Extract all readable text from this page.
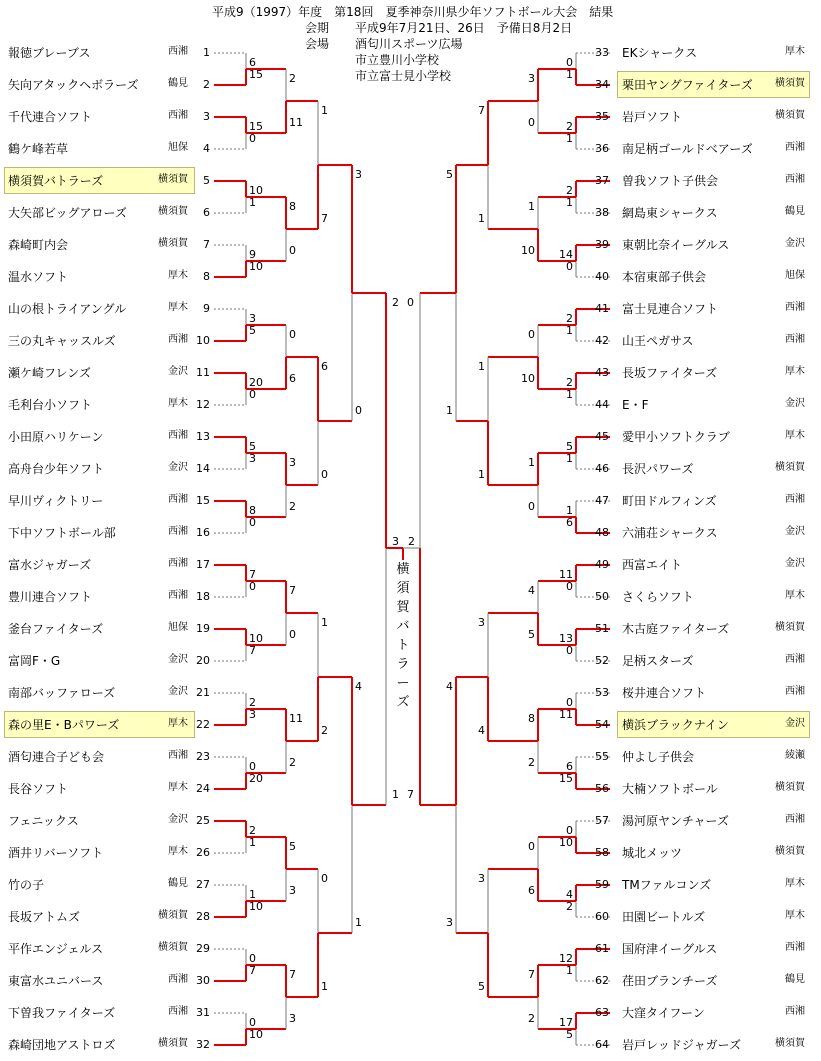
平成9（1997）年度　第18回　夏季神奈川県少年ソフトボール大会　結果
会期 平成9年7月21日、26日　予備日8月2日
会場 酒匂川スポーツ広場
市立豊川小学校
市立富士見小学校
報徳ブレーブス	西湘 1	33 EKシャークス	厚木
矢向アタックヘボラーズ	鶴見 2	34 栗田ヤングファイターズ 横須賀
千代連合ソフト	西湘 3	35 岩戸ソフト	横須賀
鶴ケ峰若草	旭保 4	36 南足柄ゴールドベアーズ	西湘
横須賀バトラーズ	横須賀 5	37 曽我ソフト子供会	西湘
大矢部ビッグアローズ	横須賀 6	38 網島東シャークス	鶴見
森崎町内会	横須賀 7	39 東朝比奈イーグルス	金沢
温水ソフト	厚木 8	40 本宿東部子供会	旭保
山の根トライアングル	厚木 9	41 富士見連合ソフト	西湘
三の丸キャッスルズ	西湘 10	42 山王ペガサス	西湘
瀬ケ崎フレンズ	金沢 11	43 長坂ファイターズ	厚木
毛利台小ソフト	厚木 12	44 E・F	金沢
小田原ハリケーン	西湘 13	45 愛甲小ソフトクラブ	厚木
高舟台少年ソフト	金沢 14	46 長沢パワーズ	横須賀
早川ヴィクトリー	西湘 15	47 町田ドルフィンズ	西湘
下中ソフトボール部	西湘 16	48 六浦荘シャークス	金沢
富水ジャガーズ	西湘 17	49 西富エイト	金沢
豊川連合ソフト	西湘 18	50 さくらソフト	厚木
釜台ファイターズ	旭保 19	51 木古庭ファイターズ	横須賀
富岡F・G	金沢 20	52 足柄スターズ	西湘
南部バッファローズ	金沢 21	53 桜井連合ソフト	西湘
森の里E・Bパワーズ	厚木 22	54 横浜ブラックナイン	金沢
酒匂連合子ども会	西湘 23	55 仲よし子供会	綾瀬
長谷ソフト	厚木 24	56 大楠ソフトボール	横須賀
フェニックス	金沢 25	57 湯河原ヤンチャーズ	西湘
酒井リバーソフト	厚木 26	58 城北メッツ	横須賀
竹の子	鶴見 27	59 TMファルコンズ	厚木
長坂アトムズ	横須賀 28	60 田園ビートルズ	厚木
平作エンジェルス	横須賀 29	61 国府津イーグルス	西湘
東富水ユニバース	西湘 30	62 荏田ブランチーズ	鶴見
下曽我ファイターズ	西湘 31	63 大窪タイフーン	西湘
森崎団地アストロズ	横須賀 32	64 岩戸レッドジャガーズ	横須賀
6
15
15
0
10
1
9
10
3
5
20
0
5
3
8
0
7
0
10
7
2
3
0
20
2
1
1
10
0
7
0
10
2
11
8
0
0
6
3
2
7
0
11
2
5
3
7
3
1
7
6
0
1
2
0
1
3
0
4
1
2
1
0
1
2
1
2
1
14
0
2
1
2
1
5
1
1
6
11
0
13
0
0
11
6
15
0
10
4
2
12
1
17
5
3
0
1
10
0
10
1
0
4
5
8
2
0
6
7
2
7
1
1
1
3
4
3
5
5
1
4
3
0
7
3 2
横
須
賀
バ
ト
ラ
ー
ズ
